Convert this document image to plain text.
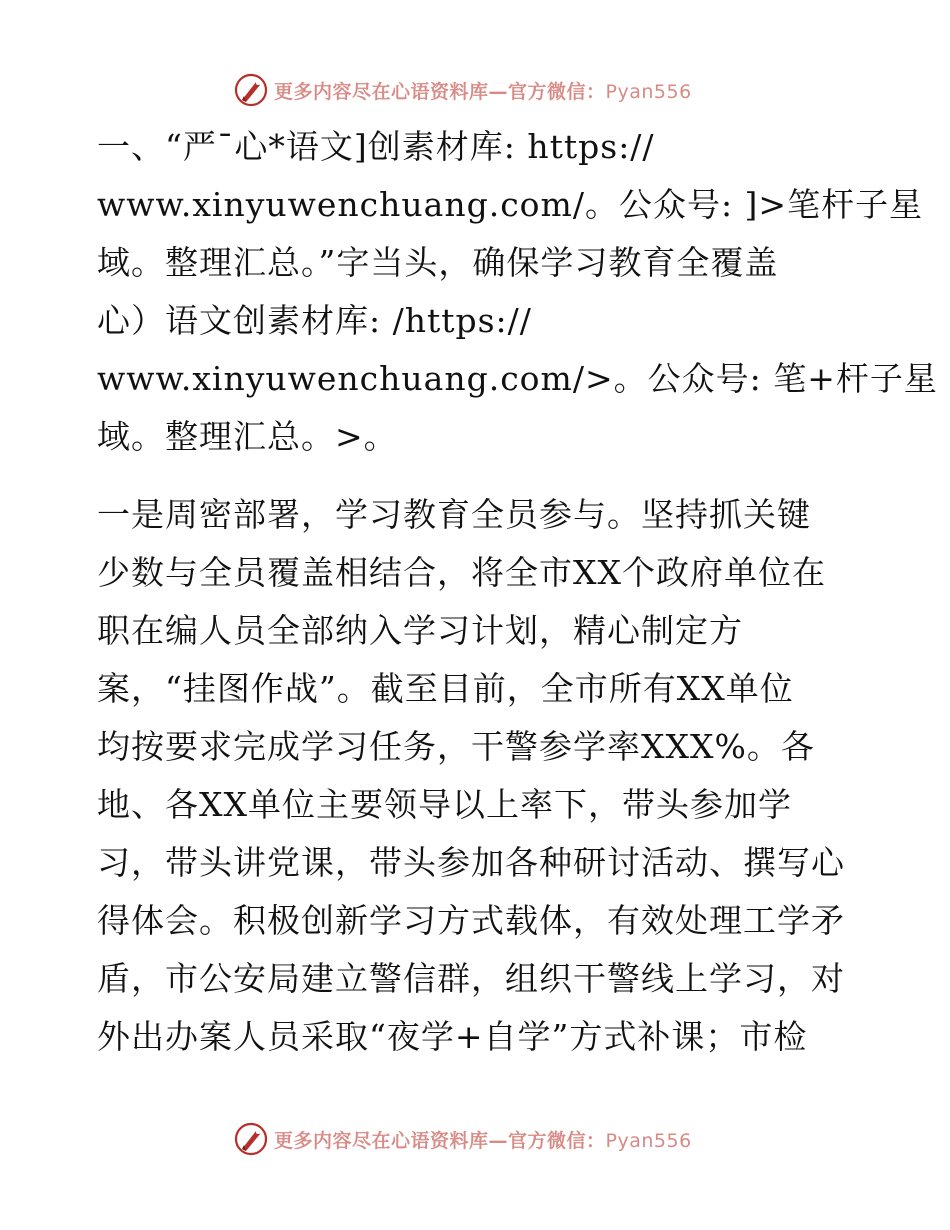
更多内容尽在心语资料库—官方微信：Pyan556
一、“严¯心*语文]创素材库: https://
www.xinyuwenchuang.com/。公众号: ]>笔杆子星
域。整理汇总。”字当头，确保学习教育全覆盖
心）语文创素材库: /https://
www.xinyuwenchuang.com/>。公众号: 笔+杆子星
域。整理汇总。>。
一是周密部署，学习教育全员参与。坚持抓关键
少数与全员覆盖相结合，将全市XX个政府单位在
职在编人员全部纳入学习计划，精心制定方
案，“挂图作战”。截至目前，全市所有XX单位
均按要求完成学习任务，干警参学率XXX%。各
地、各XX单位主要领导以上率下，带头参加学
习，带头讲党课，带头参加各种研讨活动、撰写心
得体会。积极创新学习方式载体，有效处理工学矛
盾，市公安局建立警信群，组织干警线上学习，对
外出办案人员采取“夜学+自学”方式补课；市检
更多内容尽在心语资料库—官方微信：Pyan556
